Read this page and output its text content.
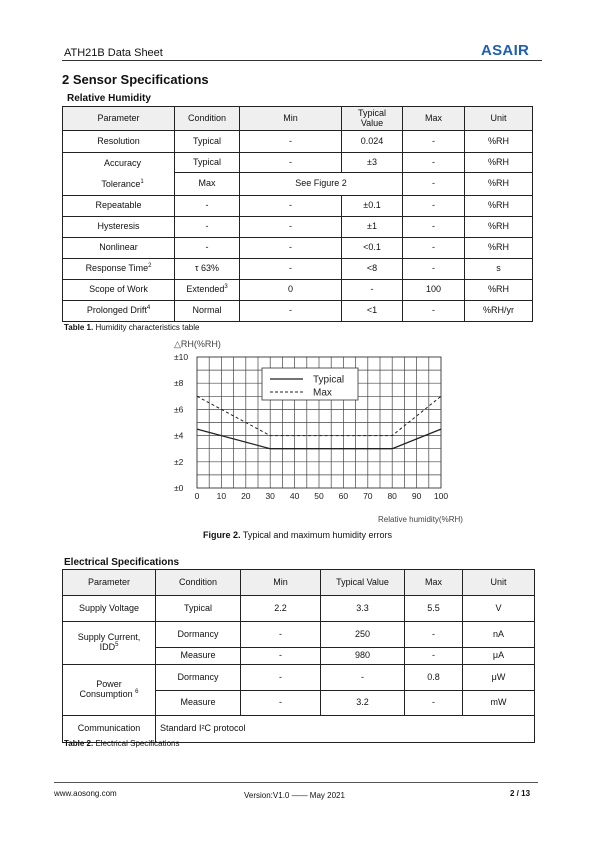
ATH21B Data Sheet	ASAIR
2 Sensor Specifications
Relative Humidity
Parameter	Condition	Min	Typical Value	Max	Unit
Resolution	Typical	-	0.024	-	%RH

Accuracy
Tolerance$^1$	Typical	-	±3	-	%RH
	Max	See Figure 2		-	%RH
Repeatable	-	-	±0.1	-	%RH
Hysteresis	-	-	±1	-	%RH
Nonlinear	-	-	<0.1	-	%RH
Response Time$^2$	τ 63%	-	<8	-	s
Scope of Work	Extended$^3$	0	-	100	%RH
Prolonged Drift$^4$	Normal	-	<1	-	%RH/yr
Table 1. Humidity characteristics table
△RH(%RH)
Relative humidity(%RH)
0 10 20 30 40 50 60 70 80 90 100
±0
±2
±4
±6
±8
±10
Typical
Max
Figure 2. Typical and maximum humidity errors
Electrical Specifications
Parameter	Condition	Min	Typical Value	Max	Unit
Supply Voltage	Typical	2.2	3.3	5.5	V
Supply Current, IDD$^5$	Dormancy	-	250	-	nA
	Measure	-	980	-	μA
Power Consumption $^6$	Dormancy	-	-	0.8	μW
	Measure	-	3.2	-	mW
Communication	Standard I²C protocol				
Table 2. Electrical Specifications
www.aosong.com	Version:V1.0 —— May 2021	2 / 13
